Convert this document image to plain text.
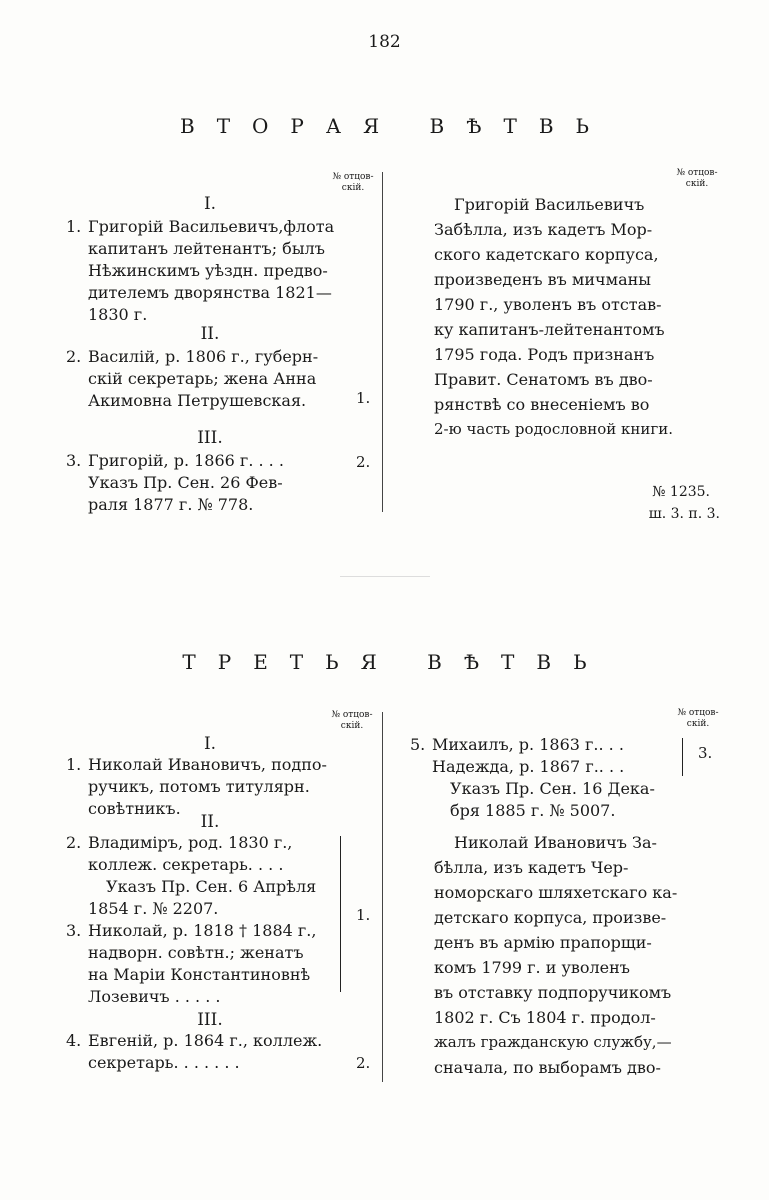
182
ВТОРАЯ ВѢТВЬ
№ отцов-скій.
№ отцов-скій.
I.
1. Григорій Васильевичъ,флота
капитанъ лейтенантъ; былъ
Нѣжинскимъ уѣздн. предво-
дителемъ дворянства 1821—
1830 г.
II.
2. Василій, р. 1806 г., губерн-
скій секретарь; жена Анна
Акимовна Петрушевская.	1.
III.
3. Григорій, р. 1866 г. . . .
Указъ Пр. Сен. 26 Фев-
раля 1877 г. № 778.
2.
Григорій Васильевичъ
Забѣлла, изъ кадетъ Мор-
ского кадетскаго корпуса,
произведенъ въ мичманы
1790 г., уволенъ въ отстав-
ку капитанъ-лейтенантомъ
1795 года. Родъ признанъ
Правит. Сенатомъ въ дво-
рянствѣ со внесеніемъ во
2-ю часть родословной книги.
№ 1235.
ш. 3. п. 3.
ТРЕТЬЯ ВѢТВЬ
№ отцов-скій.
№ отцов-скій.
I.
1. Николай Ивановичъ, подпо-
ручикъ, потомъ титулярн.
совѣтникъ.
II.
2. Владиміръ, род. 1830 г.,
коллеж. секретарь. . . .
Указъ Пр. Сен. 6 Апрѣля
1854 г. № 2207.
3. Николай, р. 1818 † 1884 г.,
надворн. совѣтн.; женатъ
на Маріи Константиновнѣ
Лозевичъ . . . . .
1.
III.
4. Евгеній, р. 1864 г., коллеж.
секретарь. . . . . . .	2.
5. Михаилъ, р. 1863 г.. . .
Надежда, р. 1867 г.. . .
Указъ Пр. Сен. 16 Дека-
бря 1885 г. № 5007.
3.
Николай Ивановичъ За-
бѣлла, изъ кадетъ Чер-
номорскаго шляхетскаго ка-
детскаго корпуса, произве-
денъ въ армію прапорщи-
комъ 1799 г. и уволенъ
въ отставку подпоручикомъ
1802 г. Съ 1804 г. продол-
жалъ гражданскую службу,—
сначала, по выборамъ дво-
